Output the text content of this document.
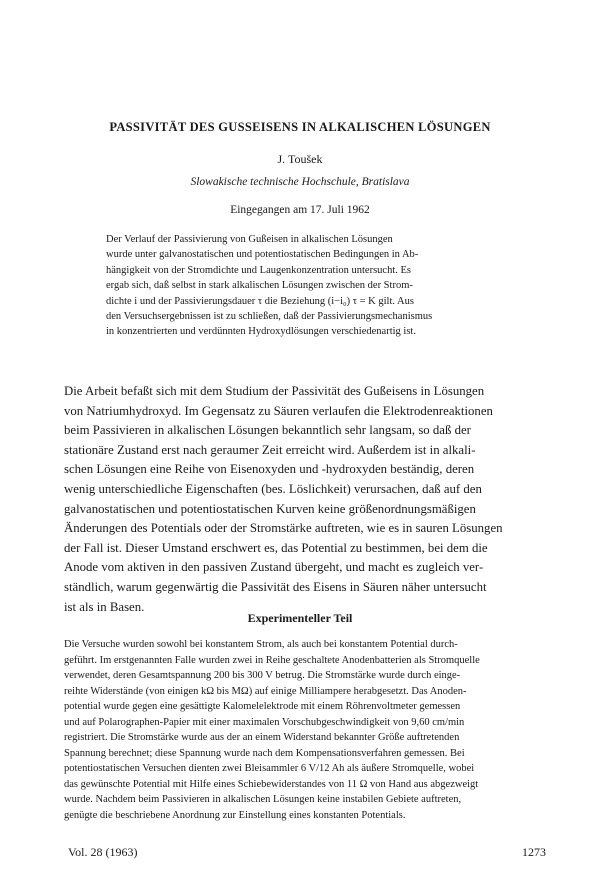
PASSIVITÄT DES GUSSEISENS IN ALKALISCHEN LÖSUNGEN
J. Toušek
Slowakische technische Hochschule, Bratislava
Eingegangen am 17. Juli 1962
Der Verlauf der Passivierung von Gußeisen in alkalischen Lösungen
wurde unter galvanostatischen und potentiostatischen Bedingungen in Ab-
hängigkeit von der Stromdichte und Laugenkonzentration untersucht. Es
ergab sich, daß selbst in stark alkalischen Lösungen zwischen der Strom-
dichte i und der Passivierungsdauer τ die Beziehung (i−i₀) τ = K gilt. Aus
den Versuchsergebnissen ist zu schließen, daß der Passivierungsmechanismus
in konzentrierten und verdünnten Hydroxydlösungen verschiedenartig ist.
Die Arbeit befaßt sich mit dem Studium der Passivität des Gußeisens in Lösungen
von Natriumhydroxyd. Im Gegensatz zu Säuren verlaufen die Elektrodenreaktionen
beim Passivieren in alkalischen Lösungen bekanntlich sehr langsam, so daß der
stationäre Zustand erst nach geraumer Zeit erreicht wird. Außerdem ist in alkali-
schen Lösungen eine Reihe von Eisenoxyden und -hydroxyden beständig, deren
wenig unterschiedliche Eigenschaften (bes. Löslichkeit) verursachen, daß auf den
galvanostatischen und potentiostatischen Kurven keine größenordnungsmäßigen
Änderungen des Potentials oder der Stromstärke auftreten, wie es in sauren Lösungen
der Fall ist. Dieser Umstand erschwert es, das Potential zu bestimmen, bei dem die
Anode vom aktiven in den passiven Zustand übergeht, und macht es zugleich ver-
ständlich, warum gegenwärtig die Passivität des Eisens in Säuren näher untersucht
ist als in Basen.
Experimenteller Teil
Die Versuche wurden sowohl bei konstantem Strom, als auch bei konstantem Potential durch-
geführt. Im erstgenannten Falle wurden zwei in Reihe geschaltete Anodenbatterien als Stromquelle
verwendet, deren Gesamtspannung 200 bis 300 V betrug. Die Stromstärke wurde durch einge-
reihte Widerstände (von einigen kΩ bis MΩ) auf einige Milliampere herabgesetzt. Das Anoden-
potential wurde gegen eine gesättigte Kalomelelektrode mit einem Röhrenvoltmeter gemessen
und auf Polarographen-Papier mit einer maximalen Vorschubgeschwindigkeit von 9,60 cm/min
registriert. Die Stromstärke wurde aus der an einem Widerstand bekannter Größe auftretenden
Spannung berechnet; diese Spannung wurde nach dem Kompensationsverfahren gemessen. Bei
potentiostatischen Versuchen dienten zwei Bleisammler 6 V/12 Ah als äußere Stromquelle, wobei
das gewünschte Potential mit Hilfe eines Schiebewiderstandes von 11 Ω von Hand aus abgezweigt
wurde. Nachdem beim Passivieren in alkalischen Lösungen keine instabilen Gebiete auftreten,
genügte die beschriebene Anordnung zur Einstellung eines konstanten Potentials.
Vol. 28 (1963)	1273
